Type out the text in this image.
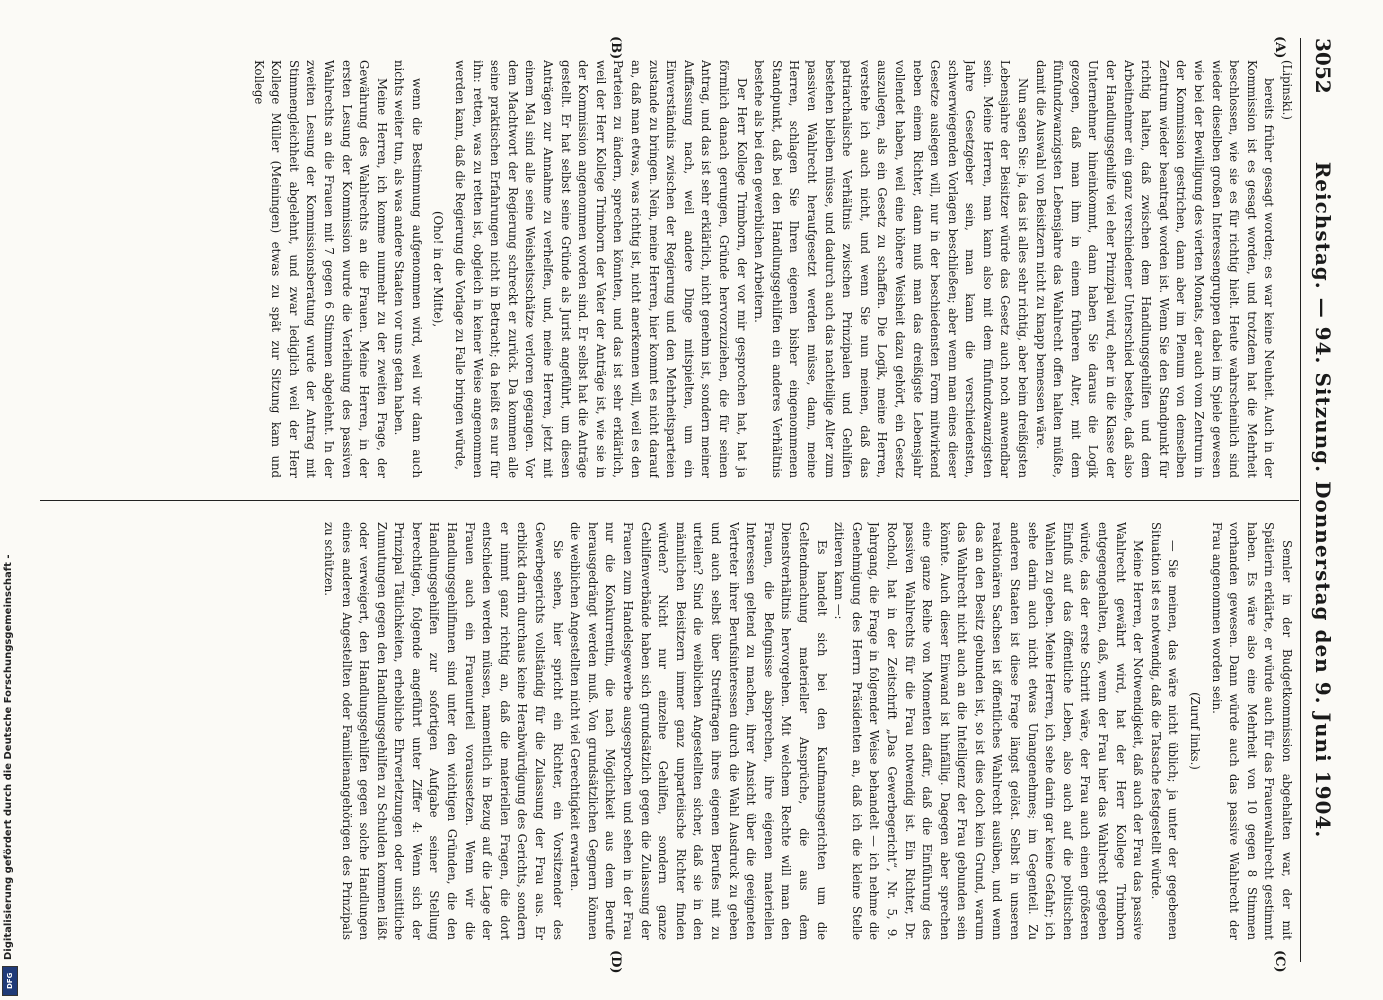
3052
Reichstag. — 94. Sitzung. Donnerstag den 9. Juni 1904.
(A)
(B)
(C)
(D)

(Lipinski.)

bereits früher gesagt worden; es war keine Neuheit. Auch in der Kommission ist es gesagt worden, und trotzdem hat die Mehrheit beschlossen, wie sie es für richtig hielt. Heute wahrscheinlich sind wieder dieselben großen Interessengruppen dabei im Spiele gewesen wie bei der Bewilligung des vierten Monats, der auch vom Zentrum in der Kommission gestrichen, dann aber im Plenum von demselben Zentrum wieder beantragt worden ist. Wenn Sie den Standpunkt für richtig halten, daß zwischen dem Handlungsgehilfen und dem Arbeitnehmer ein ganz verschiedener Unterschied bestehe, daß also der Handlungsgehilfe viel eher Prinzipal wird, eher in die Klasse der Unternehmer hineinkommt, dann haben Sie daraus die Logik gezogen, daß man ihm in einem früheren Alter, mit dem fünfundzwanzigsten Lebensjahre das Wahlrecht offen halten müßte, damit die Auswahl von Beisitzern nicht zu knapp bemessen wäre.

Nun sagen Sie: ja, das ist alles sehr richtig, aber beim dreißigsten Lebensjahre der Beisitzer würde das Gesetz auch noch anwendbar sein. Meine Herren, man kann also mit dem fünfundzwanzigsten Jahre Gesetzgeber sein, man kann die verschiedensten, schwerwiegenden Vorlagen beschließen; aber wenn man eines dieser Gesetze auslegen will, nur in der beschiedensten Form mitwirkend neben einem Richter, dann muß man das dreißigste Lebensjahr vollendet haben, weil eine höhere Weisheit dazu gehört, ein Gesetz auszulegen, als ein Gesetz zu schaffen. Die Logik, meine Herren, verstehe ich auch nicht, und wenn Sie nun meinen, daß das patriarchalische Verhältnis zwischen Prinzipalen und Gehilfen bestehen bleiben müsse, und dadurch auch das nachteilige Alter zum passiven Wahlrecht heraufgesetzt werden müsse, dann, meine Herren, schlagen Sie Ihren eigenen bisher eingenommenen Standpunkt, daß bei den Handlungsgehilfen ein anderes Verhältnis bestehe als bei den gewerblichen Arbeitern.

Der Herr Kollege Trimborn, der vor mir gesprochen hat, hat ja förmlich danach gerungen, Gründe hervorzuziehen, die für seinen Antrag, und das ist sehr erklärlich, nicht genehm ist, sondern meiner Auffassung nach, weil andere Dinge mitspielten, um ein Einverständnis zwischen der Regierung und den Mehrheitsparteien zustande zu bringen. Nein, meine Herren, hier kommt es nicht darauf an, daß man etwas, was richtig ist, nicht anerkennen will, weil es den Parteien zu ändern, sprechen könnten, und das ist sehr erklärlich, weil der Herr Kollege Trimborn der Vater der Anträge ist, wie sie in der Kommission angenommen worden sind. Er selbst hat die Anträge gestellt. Er hat selbst seine Gründe als Jurist angeführt, um diesen Anträgen zur Annahme zu verhelfen, und, meine Herren, jetzt mit einem Mal sind alle seine Weisheitsschätze verloren gegangen. Vor dem Machtwort der Regierung schreckt er zurück. Da kommen alle seine praktischen Erfahrungen nicht in Betracht; da heißt es nur für ihn: retten, was zu retten ist, obgleich in keiner Weise angenommen werden kann, daß die Regierung die Vorlage zu Falle bringen würde,

(Oho! in der Mitte),

wenn die Bestimmung aufgenommen wird, weil wir dann auch nichts weiter tun, als was andere Staaten vor uns getan haben.

Meine Herren, ich komme nunmehr zu der zweiten Frage, der Gewährung des Wahlrechts an die Frauen. Meine Herren, in der ersten Lesung der Kommission wurde die Verleihung des passiven Wahlrechts an die Frauen mit 7 gegen 6 Stimmen abgelehnt. In der zweiten Lesung der Kommissionsberatung wurde der Antrag mit Stimmengleichheit abgelehnt, und zwar lediglich weil der Herr Kollege Müller (Meiningen) etwas zu spät zur Sitzung kam und Kollege

Semler in der Budgetkommission abgehalten war, der mit Spätlerin erklärte, er würde auch für das Frauenwahlrecht gestimmt haben. Es wäre also eine Mehrheit von 10 gegen 8 Stimmen vorhanden gewesen. Dann würde auch das passive Wahlrecht der Frau angenommen worden sein.

(Zuruf links.)

— Sie meinen, das wäre nicht üblich; ja unter der gegebenen Situation ist es notwendig, daß die Tatsache festgestellt würde.

Meine Herren, der Notwendigkeit, daß auch der Frau das passive Wahlrecht gewährt wird, hat der Herr Kollege Trimborn entgegengehalten, daß, wenn der Frau hier das Wahlrecht gegeben würde, das der erste Schritt wäre, der Frau auch einen größeren Einfluß auf das öffentliche Leben, also auch auf die politischen Wahlen zu geben. Meine Herren, ich sehe darin gar keine Gefahr; ich sehe darin auch nicht etwas Unangenehmes; im Gegenteil. Zu anderen Staaten ist diese Frage längst gelöst. Selbst in unseren reaktionären Sachsen ist öffentliches Wahlrecht ausüben, und wenn das an den Besitz gebunden ist, so ist dies doch kein Grund, warum das Wahlrecht nicht auch an die Intelligenz der Frau gebunden sein könnte. Auch dieser Einwand ist hinfällig. Dagegen aber sprechen eine ganze Reihe von Momenten dafür, daß die Einführung des passiven Wahlrechts für die Frau notwendig ist. Ein Richter, Dr. Rocholl, hat in der Zeitschrift „Das Gewerbegericht“, Nr. 5, 9. Jahrgang, die Frage in folgender Weise behandelt — ich nehme die Genehmigung des Herrn Präsidenten an, daß ich die kleine Stelle zitieren kann —:

Es handelt sich bei den Kaufmannsgerichten um die Geltendmachung materieller Ansprüche, die aus dem Dienstverhältnis hervorgehen. Mit welchem Rechte will man den Frauen, die Befugnisse absprechen, ihre eigenen materiellen Interessen geltend zu machen, ihrer Ansicht über die geeigneten Vertreter ihrer Berufsinteressen durch die Wahl Ausdruck zu geben und auch selbst über Streitfragen ihres eigenen Berufes mit zu urteilen? Sind die weiblichen Angestellten sicher, daß sie in den männlichen Beisitzern immer ganz unparteiische Richter finden würden? Nicht nur einzelne Gehilfen, sondern ganze Gehilfenverbände haben sich grundsätzlich gegen die Zulassung der Frauen zum Handelsgewerbe ausgesprochen und sehen in der Frau nur die Konkurrentin, die nach Möglichkeit aus dem Berufe herausgedrängt werden muß. Von grundsätzlichen Gegnern können die weiblichen Angestellten nicht viel Gerechtigkeit erwarten.

Sie sehen, hier spricht ein Richter, ein Vorsitzender des Gewerbegerichts vollständig für die Zulassung der Frau aus. Er erblickt darin durchaus keine Herabwürdigung des Gerichts, sondern er nimmt ganz richtig an, daß die materiellen Fragen, die dort entschieden werden müssen, namentlich in Bezug auf die Lage der Frauen auch ein Frauenurteil voraussetzen. Wenn wir die Handlungsgehilfinnen sind unter den wichtigen Gründen, die den Handlungsgehilfen zur sofortigen Aufgabe seiner Stellung berechtigen, folgende angeführt unter Ziffer 4: Wenn sich der Prinzipal Tätlichkeiten, erhebliche Ehrverletzungen oder unsittliche Zumutungen gegen den Handlungsgehilfen zu Schulden kommen läßt oder verweigert, den Handlungsgehilfen gegen solche Handlungen eines anderen Angestellten oder Familienangehörigen des Prinzipals zu schützen.

Digitalisierung gefördert durch die Deutsche Forschungsgemeinschaft -
DFG
